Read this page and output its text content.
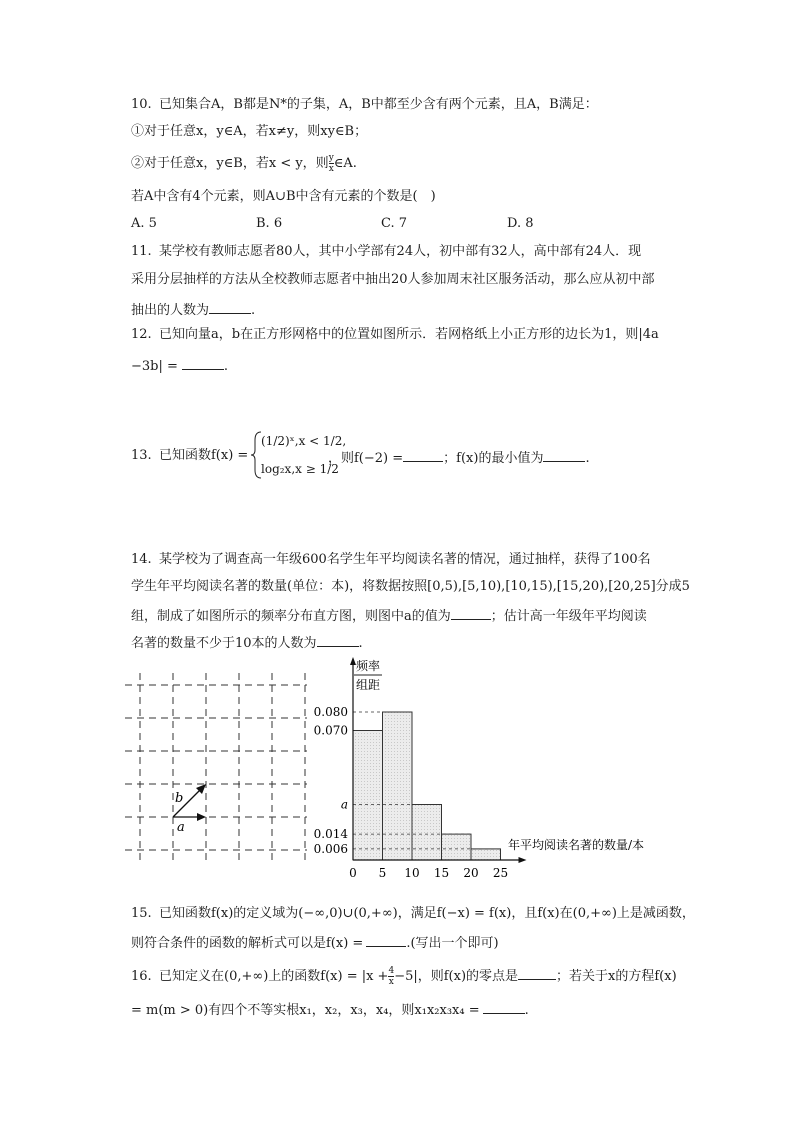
10. 已知集合A，B都是N*的子集，A，B中都至少含有两个元素，且A，B满足：
①对于任意x，y∈A，若x≠y，则xy∈B；
②对于任意x，y∈B，若x < y，则 $\frac{y}{x}$ ∈A.
若A中含有4个元素，则A∪B中含有元素的个数是(　)
A. 5	B. 6	C. 7	D. 8
11. 某学校有教师志愿者80人，其中小学部有24人，初中部有32人，高中部有24人．现
采用分层抽样的方法从全校教师志愿者中抽出20人参加周末社区服务活动，那么应从初中部
抽出的人数为	.
12. 已知向量a，b在正方形网格中的位置如图所示．若网格纸上小正方形的边长为1，则|4a
−3b| =	.
13. 已知函数f(x) =
(1/2)ˣ,x < 1/2,
log₂x,x ≥ 1/2
，则f(−2) =	；f(x)的最小值为	.
14. 某学校为了调查高一年级600名学生年平均阅读名著的情况，通过抽样，获得了100名
学生年平均阅读名著的数量(单位：本)，将数据按照[0,5),[5,10),[10,15),[15,20),[20,25]分成5
组，制成了如图所示的频率分布直方图，则图中a的值为	；估计高一年级年平均阅读
名著的数量不少于10本的人数为	.
a
b
频率
组距
年平均阅读名著的数量/本
0.080
0.070
a
0.014
0.006
0 5 10 15 20 25
15. 已知函数f(x)的定义域为(−∞,0)∪(0,+∞)，满足f(−x) = f(x)，且f(x)在(0,+∞)上是减函数，
则符合条件的函数的解析式可以是f(x) =	.(写出一个即可)
16. 已知定义在(0,+∞)上的函数$f(x) = |x + \frac{4}{x} -5|$，则f(x)的零点是	；若关于x的方程f(x)
= m(m > 0)有四个不等实根x₁，x₂，x₃，x₄，则x₁x₂x₃x₄ =	.
